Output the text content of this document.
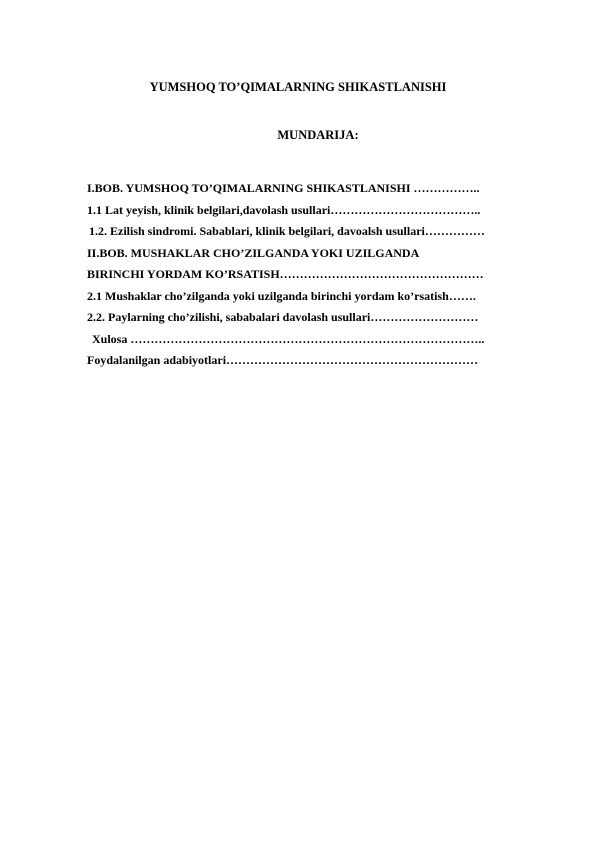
YUMSHOQ TO’QIMALARNING SHIKASTLANISHI
MUNDARIJA:
I.BOB. YUMSHOQ TO’QIMALARNING SHIKASTLANISHI ……………..
1.1 Lat yeyish, klinik belgilari,davolash usullari………………………………..
1.2. Ezilish sindromi. Sabablari, klinik belgilari, davoalsh usullari……………
II.BOB. MUSHAKLAR CHO’ZILGANDA YOKI UZILGANDA
BIRINCHI YORDAM KO’RSATISH……………………………………………
2.1 Mushaklar cho’zilganda yoki uzilganda birinchi yordam ko’rsatish…….
2.2. Paylarning cho’zilishi, sababalari davolash usullari………………………
Xulosa ……………………………………………………………………………..
Foydalanilgan adabiyotlari………………………………………………………
